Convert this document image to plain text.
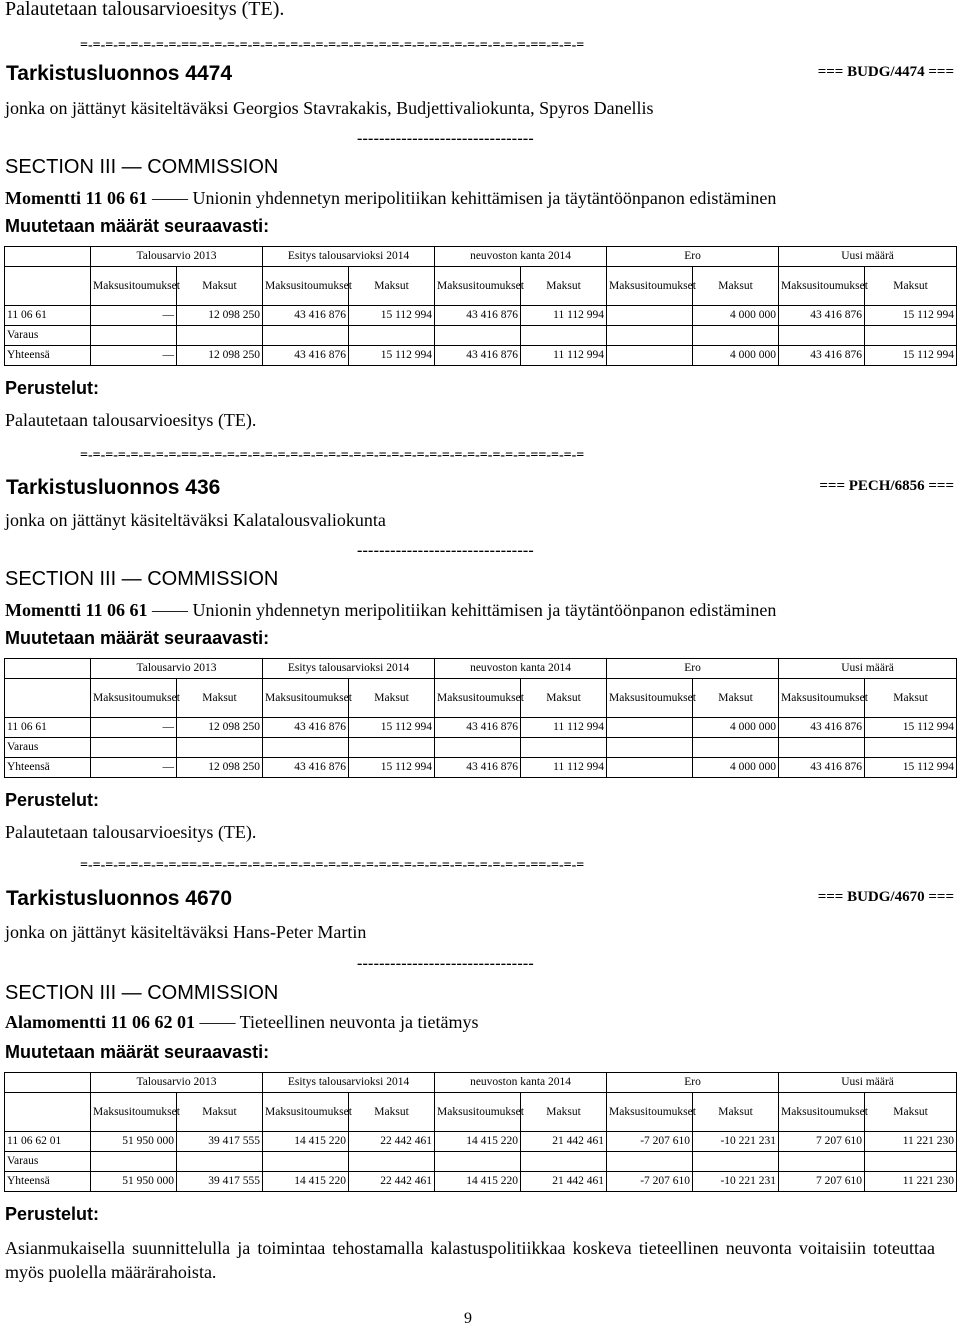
Palautetaan talousarvioesitys (TE).
=-=-=-=-=-=-=-=-==-=-=-=-=-=-=-=-=-=-=-=-=-=-=-=-=-=-=-=-=-=-=-=-=-=-=-==-=-=-=
Tarkistusluonnos 4474	=== BUDG/4474 ===
jonka on jättänyt käsiteltäväksi Georgios Stavrakakis, Budjettivaliokunta, Spyros Danellis
--------------------------------
SECTION III — COMMISSION
Momentti 11 06 61 —— Unionin yhdennetyn meripolitiikan kehittämisen ja täytäntöönpanon edistäminen
Muutetaan määrät seuraavasti:
	Talousarvio 2013		Esitys talousarvioksi 2014		neuvoston kanta 2014		Ero		Uusi määrä	
	Maksusitoumukset	Maksut	Maksusitoumukset	Maksut	Maksusitoumukset	Maksut	Maksusitoumukset	Maksut	Maksusitoumukset	Maksut
11 06 61	—	12 098 250	43 416 876	15 112 994	43 416 876	11 112 994		4 000 000	43 416 876	15 112 994
Varaus										
Yhteensä	—	12 098 250	43 416 876	15 112 994	43 416 876	11 112 994		4 000 000	43 416 876	15 112 994
Perustelut:
Palautetaan talousarvioesitys (TE).
=-=-=-=-=-=-=-=-==-=-=-=-=-=-=-=-=-=-=-=-=-=-=-=-=-=-=-=-=-=-=-=-=-=-=-==-=-=-=
Tarkistusluonnos 436	=== PECH/6856 ===
jonka on jättänyt käsiteltäväksi Kalatalousvaliokunta
--------------------------------
SECTION III — COMMISSION
Momentti 11 06 61 —— Unionin yhdennetyn meripolitiikan kehittämisen ja täytäntöönpanon edistäminen
Muutetaan määrät seuraavasti:
	Talousarvio 2013		Esitys talousarvioksi 2014		neuvoston kanta 2014		Ero		Uusi määrä	
	Maksusitoumukset	Maksut	Maksusitoumukset	Maksut	Maksusitoumukset	Maksut	Maksusitoumukset	Maksut	Maksusitoumukset	Maksut
11 06 61	—	12 098 250	43 416 876	15 112 994	43 416 876	11 112 994		4 000 000	43 416 876	15 112 994
Varaus										
Yhteensä	—	12 098 250	43 416 876	15 112 994	43 416 876	11 112 994		4 000 000	43 416 876	15 112 994
Perustelut:
Palautetaan talousarvioesitys (TE).
=-=-=-=-=-=-=-=-==-=-=-=-=-=-=-=-=-=-=-=-=-=-=-=-=-=-=-=-=-=-=-=-=-=-=-==-=-=-=
Tarkistusluonnos 4670	=== BUDG/4670 ===
jonka on jättänyt käsiteltäväksi Hans-Peter Martin
--------------------------------
SECTION III — COMMISSION
Alamomentti 11 06 62 01 —— Tieteellinen neuvonta ja tietämys
Muutetaan määrät seuraavasti:
	Talousarvio 2013		Esitys talousarvioksi 2014		neuvoston kanta 2014		Ero		Uusi määrä	
	Maksusitoumukset	Maksut	Maksusitoumukset	Maksut	Maksusitoumukset	Maksut	Maksusitoumukset	Maksut	Maksusitoumukset	Maksut
11 06 62 01	51 950 000	39 417 555	14 415 220	22 442 461	14 415 220	21 442 461	-7 207 610	-10 221 231	7 207 610	11 221 230
Varaus										
Yhteensä	51 950 000	39 417 555	14 415 220	22 442 461	14 415 220	21 442 461	-7 207 610	-10 221 231	7 207 610	11 221 230
Perustelut:
Asianmukaisella suunnittelulla ja toimintaa tehostamalla kalastuspolitiikkaa koskeva tieteellinen neuvonta voitaisiin toteuttaa myös puolella määrärahoista.
9
